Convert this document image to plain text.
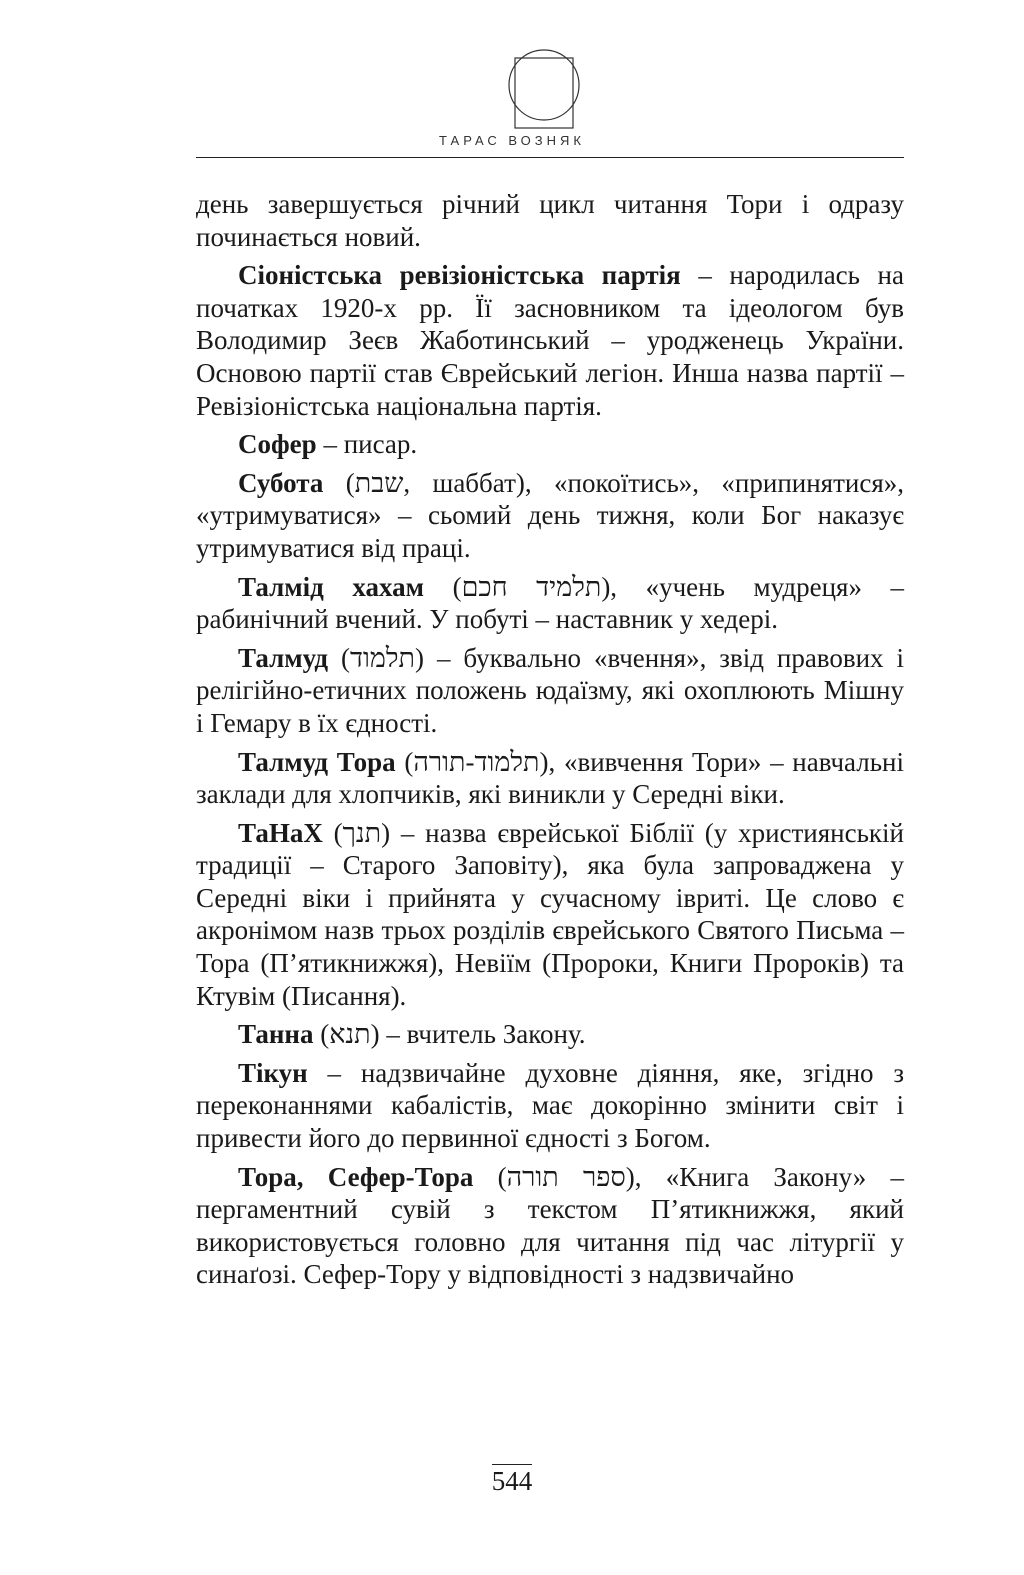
ТАРАС ВОЗНЯК

день завершується річний цикл читання Тори і одразу починається новий.

Сіоністська ревізіоністська партія – народилась на початках 1920-х рр. Її засновником та ідеологом був Володимир Зеєв Жаботинський – уродженець України. Основою партії став Єврейський легіон. Инша назва партії – Ревізіоністська національна партія.

Софер – писар.

Субота (שבת, шаббат), «покоїтись», «припинятися», «утримуватися» – сьомий день тижня, коли Бог наказує утримуватися від праці.

Талмід хахам (תלמיד חכם), «учень мудреця» – рабинічний вчений. У побуті – наставник у хедері.

Талмуд (תלמוד) – буквально «вчення», звід правових і релігійно-етичних положень юдаїзму, які охоплюють Мішну і Гемару в їх єдності.

Талмуд Тора (תלמוד-תורה), «вивчення Тори» – навчальні заклади для хлопчиків, які виникли у Середні віки.

ТаНаХ (תנך) – назва єврейської Біблії (у християнській традиції – Старого Заповіту), яка була запроваджена у Середні віки і прийнята у сучасному івриті. Це слово є акронімом назв трьох розділів єврейського Святого Письма – Тора (П’ятикнижжя), Невіїм (Пророки, Книги Пророків) та Ктувім (Писання).

Танна (תנא) – вчитель Закону.

Тікун – надзвичайне духовне діяння, яке, згідно з переконаннями кабалістів, має докорінно змінити світ і привести його до первинної єдності з Богом.

Тора, Сефер-Тора (ספר תורה), «Книга Закону» – пергаментний сувій з текстом П’ятикнижжя, який використовується головно для читання під час літургії у синаґозі. Сефер-Тору у відповідності з надзвичайно

544
